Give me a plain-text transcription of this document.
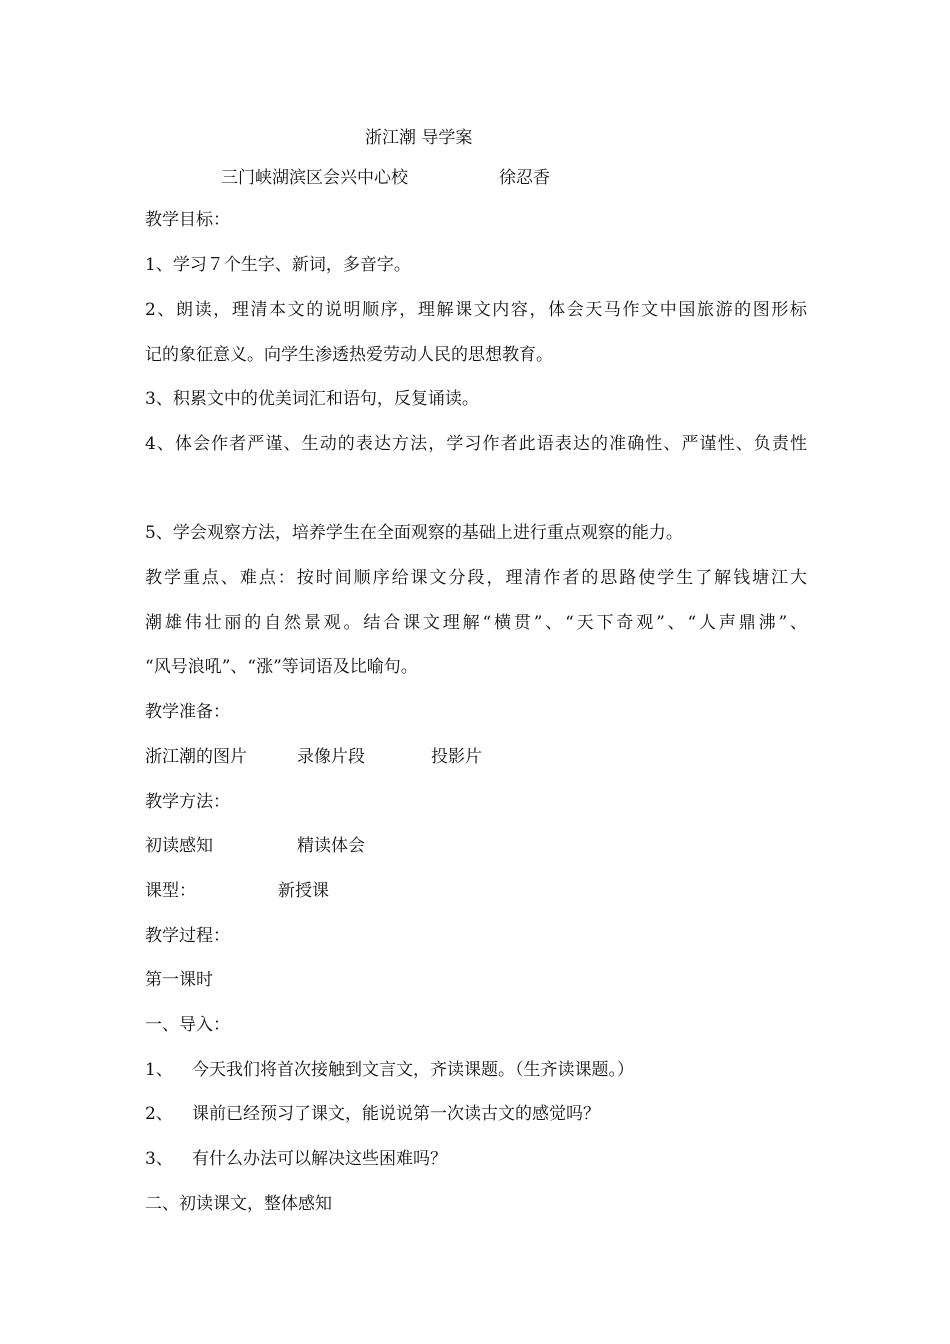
浙江潮 导学案
三门峡湖滨区会兴中心校	徐忍香
教学目标：
1、学习７个生字、新词，多音字。
2、朗读，理清本文的说明顺序，理解课文内容，体会天马作文中国旅游的图形标
记的象征意义。向学生渗透热爱劳动人民的思想教育。
3、积累文中的优美词汇和语句，反复诵读。
4、体会作者严谨、生动的表达方法，学习作者此语表达的准确性、严谨性、负责性
5、学会观察方法，培养学生在全面观察的基础上进行重点观察的能力。
教学重点、难点：按时间顺序给课文分段，理清作者的思路使学生了解钱塘江大
潮雄伟壮丽的自然景观。结合课文理解“横贯”、“天下奇观”、“人声鼎沸”、
“风号浪吼”、“涨”等词语及比喻句。
教学准备：
浙江潮的图片	录像片段	投影片
教学方法：
初读感知	精读体会
课型：	新授课
教学过程：
第一课时
一、导入：
1、 今天我们将首次接触到文言文，齐读课题。（生齐读课题。）
2、 课前已经预习了课文，能说说第一次读古文的感觉吗？
3、 有什么办法可以解决这些困难吗？
二、初读课文，整体感知
